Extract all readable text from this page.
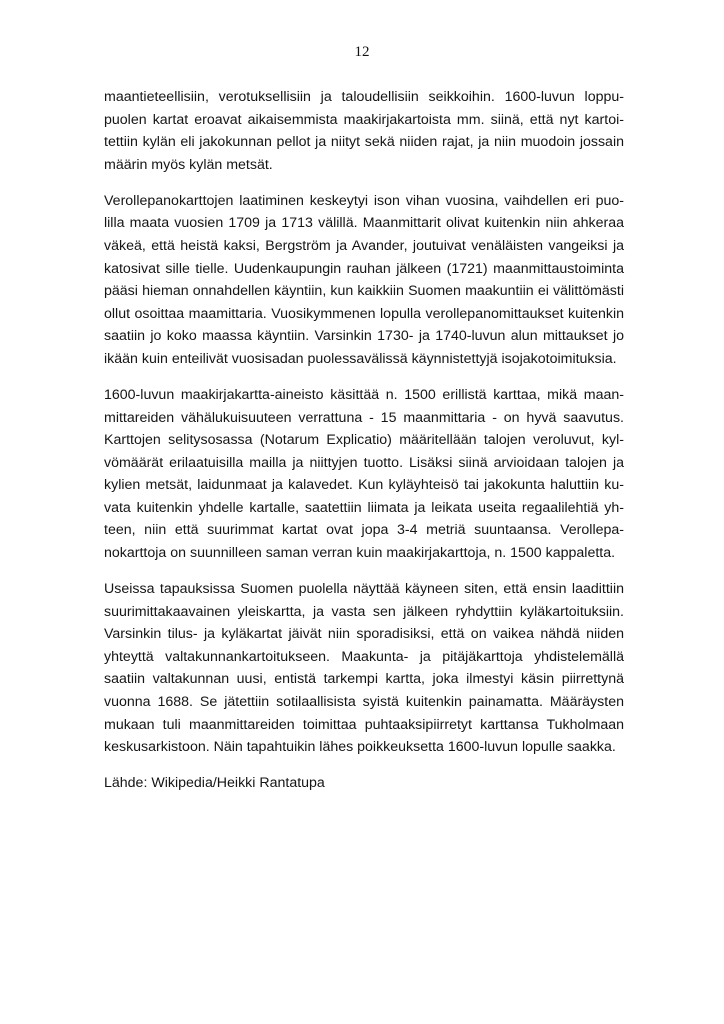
12

maantieteellisiin, verotuksellisiin ja taloudellisiin seikkoihin. 1600-luvun loppupuolen kartat eroavat aikaisemmista maakirjakartoista mm. siinä, että nyt kartoitettiin kylän eli jakokunnan pellot ja niityt sekä niiden rajat, ja niin muodoin jossain määrin myös kylän metsät.

Verollepanokarttojen laatiminen keskeytyi ison vihan vuosina, vaihdellen eri puolilla maata vuosien 1709 ja 1713 välillä. Maanmittarit olivat kuitenkin niin ahkeraa väkeä, että heistä kaksi, Bergström ja Avander, joutuivat venäläisten vangeiksi ja katosivat sille tielle. Uudenkaupungin rauhan jälkeen (1721) maanmittaustoiminta pääsi hieman onnahdellen käyntiin, kun kaikkiin Suomen maakuntiin ei välittömästi ollut osoittaa maamittaria. Vuosikymmenen lopulla verollepanomittaukset kuitenkin saatiin jo koko maassa käyntiin. Varsinkin 1730- ja 1740-luvun alun mittaukset jo ikään kuin enteilivät vuosisadan puolessavälissä käynnistettyjä isojakotoimituksia.

1600-luvun maakirjakartta-aineisto käsittää n. 1500 erillistä karttaa, mikä maanmittareiden vähälukuisuuteen verrattuna - 15 maanmittaria - on hyvä saavutus. Karttojen selitysosassa (Notarum Explicatio) määritellään talojen veroluvut, kylvömäärät erilaatuisilla mailla ja niittyjen tuotto. Lisäksi siinä arvioidaan talojen ja kylien metsät, laidunmaat ja kalavedet. Kun kyläyhteisö tai jakokunta haluttiin kuvata kuitenkin yhdelle kartalle, saatettiin liimata ja leikata useita regaalilehtiä yhteen, niin että suurimmat kartat ovat jopa 3-4 metriä suuntaansa. Verollepanokarttoja on suunnilleen saman verran kuin maakirjakarttoja, n. 1500 kappaletta.

Useissa tapauksissa Suomen puolella näyttää käyneen siten, että ensin laadittiin suurimittakaavainen yleiskartta, ja vasta sen jälkeen ryhdyttiin kyläkartoituksiin. Varsinkin tilus- ja kyläkartat jäivät niin sporadisiksi, että on vaikea nähdä niiden yhteyttä valtakunnankartoitukseen. Maakunta- ja pitäjäkarttoja yhdistelemällä saatiin valtakunnan uusi, entistä tarkempi kartta, joka ilmestyi käsin piirrettynä vuonna 1688. Se jätettiin sotilaallisista syistä kuitenkin painamatta. Määräysten mukaan tuli maanmittareiden toimittaa puhtaaksipiirretyt karttansa Tukholmaan keskusarkistoon. Näin tapahtuikin lähes poikkeuksetta 1600-luvun lopulle saakka.

Lähde: Wikipedia/Heikki Rantatupa
